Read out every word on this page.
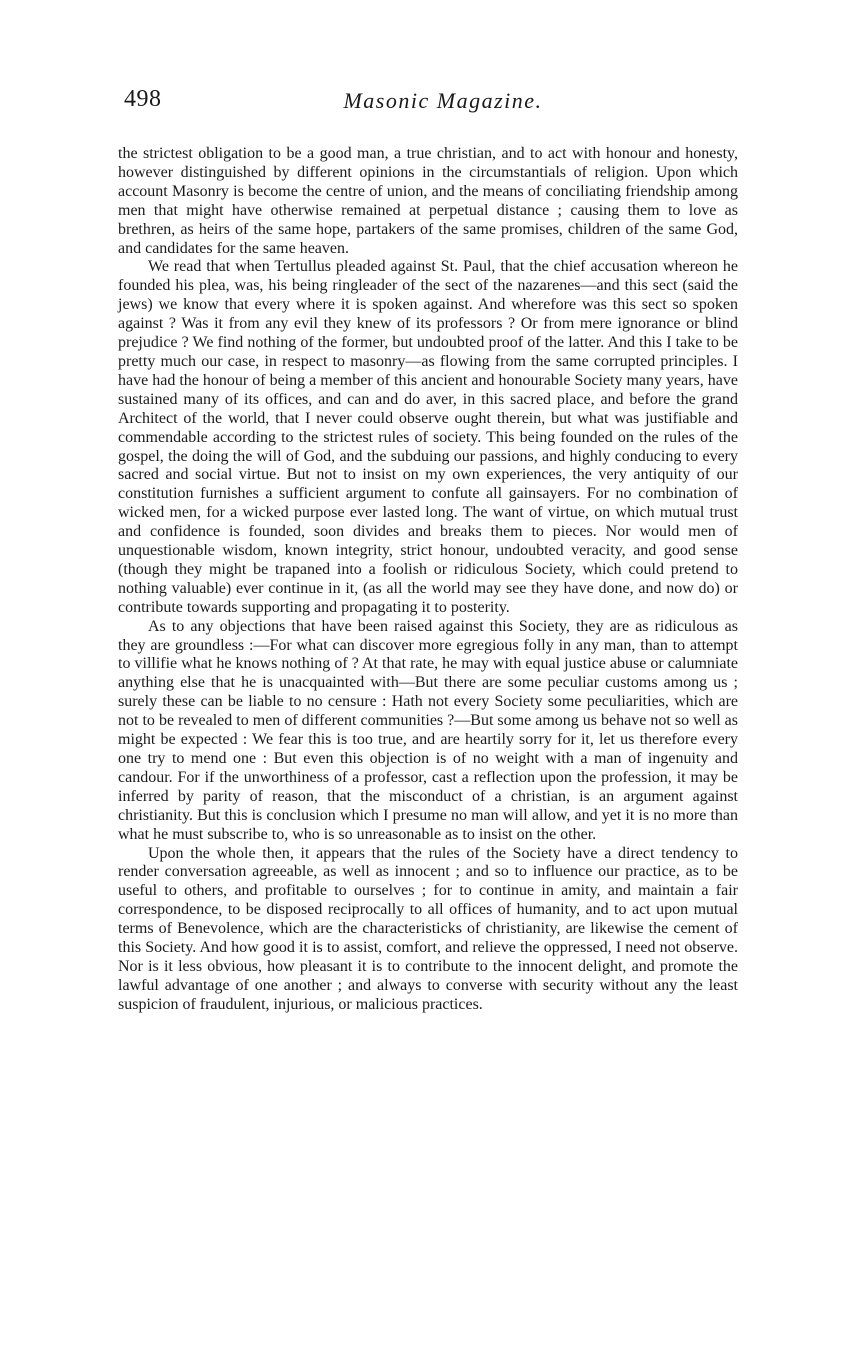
498	Masonic Magazine.

the strictest obligation to be a good man, a true christian, and to act with honour and honesty, however distinguished by different opinions in the circumstantials of religion. Upon which account Masonry is become the centre of union, and the means of conciliating friendship among men that might have otherwise remained at perpetual distance ; causing them to love as brethren, as heirs of the same hope, partakers of the same promises, children of the same God, and candidates for the same heaven.

We read that when Tertullus pleaded against St. Paul, that the chief accusation whereon he founded his plea, was, his being ringleader of the sect of the nazarenes—and this sect (said the jews) we know that every where it is spoken against. And wherefore was this sect so spoken against ? Was it from any evil they knew of its professors ? Or from mere ignorance or blind prejudice ? We find nothing of the former, but undoubted proof of the latter. And this I take to be pretty much our case, in respect to masonry—as flowing from the same corrupted principles. I have had the honour of being a member of this ancient and honourable Society many years, have sustained many of its offices, and can and do aver, in this sacred place, and before the grand Architect of the world, that I never could observe ought therein, but what was justifiable and commendable according to the strictest rules of society. This being founded on the rules of the gospel, the doing the will of God, and the subduing our passions, and highly conducing to every sacred and social virtue. But not to insist on my own experiences, the very antiquity of our constitution furnishes a sufficient argument to confute all gainsayers. For no combination of wicked men, for a wicked purpose ever lasted long. The want of virtue, on which mutual trust and confidence is founded, soon divides and breaks them to pieces. Nor would men of unquestionable wisdom, known integrity, strict honour, undoubted veracity, and good sense (though they might be trapaned into a foolish or ridiculous Society, which could pretend to nothing valuable) ever continue in it, (as all the world may see they have done, and now do) or contribute towards supporting and propagating it to posterity.

As to any objections that have been raised against this Society, they are as ridiculous as they are groundless :—For what can discover more egregious folly in any man, than to attempt to villifie what he knows nothing of ? At that rate, he may with equal justice abuse or calumniate anything else that he is unacquainted with—But there are some peculiar customs among us ; surely these can be liable to no censure : Hath not every Society some peculiarities, which are not to be revealed to men of different communities ?—But some among us behave not so well as might be expected : We fear this is too true, and are heartily sorry for it, let us therefore every one try to mend one : But even this objection is of no weight with a man of ingenuity and candour. For if the unworthiness of a professor, cast a reflection upon the profession, it may be inferred by parity of reason, that the misconduct of a christian, is an argument against christianity. But this is conclusion which I presume no man will allow, and yet it is no more than what he must subscribe to, who is so unreasonable as to insist on the other.

Upon the whole then, it appears that the rules of the Society have a direct tendency to render conversation agreeable, as well as innocent ; and so to influence our practice, as to be useful to others, and profitable to ourselves ; for to continue in amity, and maintain a fair correspondence, to be disposed reciprocally to all offices of humanity, and to act upon mutual terms of Benevolence, which are the characteristicks of christianity, are likewise the cement of this Society. And how good it is to assist, comfort, and relieve the oppressed, I need not observe. Nor is it less obvious, how pleasant it is to contribute to the innocent delight, and promote the lawful advantage of one another ; and always to converse with security without any the least suspicion of fraudulent, injurious, or malicious practices.
